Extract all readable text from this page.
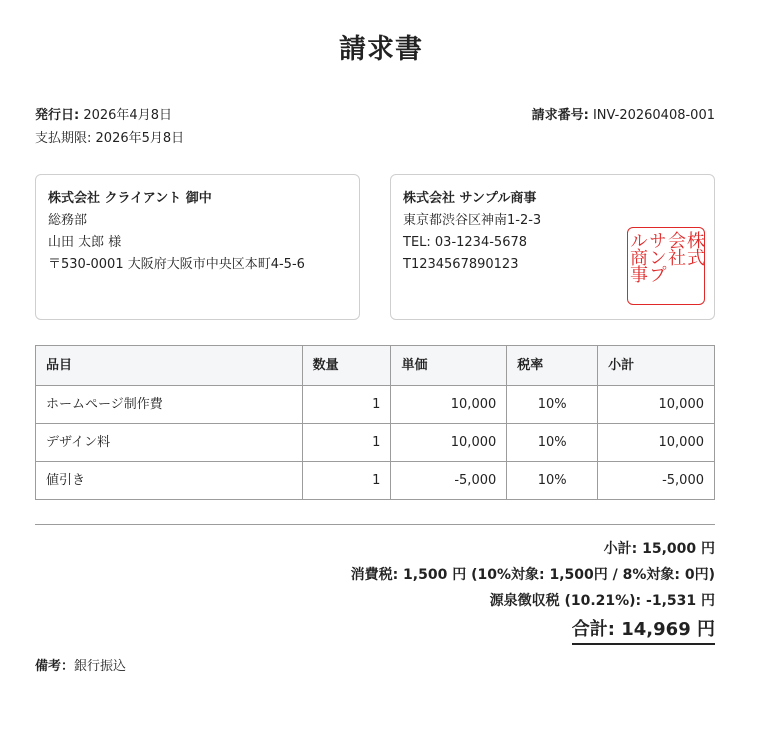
請求書
発行日: 2026年4月8日
支払期限: 2026年5月8日
請求番号: INV-20260408-001
株式会社 クライアント 御中
総務部
山田 太郎 様
〒530-0001 大阪府大阪市中央区本町4-5-6
株式会社 サンプル商事
東京都渋谷区神南1-2-3
TEL: 03-1234-5678
T1234567890123	株式
会社
サンプ
ル商事
品目	数量	単価	税率	小計
ホームページ制作費	1	10,000	10%	10,000
デザイン料	1	10,000	10%	10,000
値引き	1	-5,000	10%	-5,000
小計: 15,000 円
消費税: 1,500 円 (10%対象: 1,500円 / 8%対象: 0円)
源泉徴収税 (10.21%): -1,531 円
合計: 14,969 円
備考：銀行振込
